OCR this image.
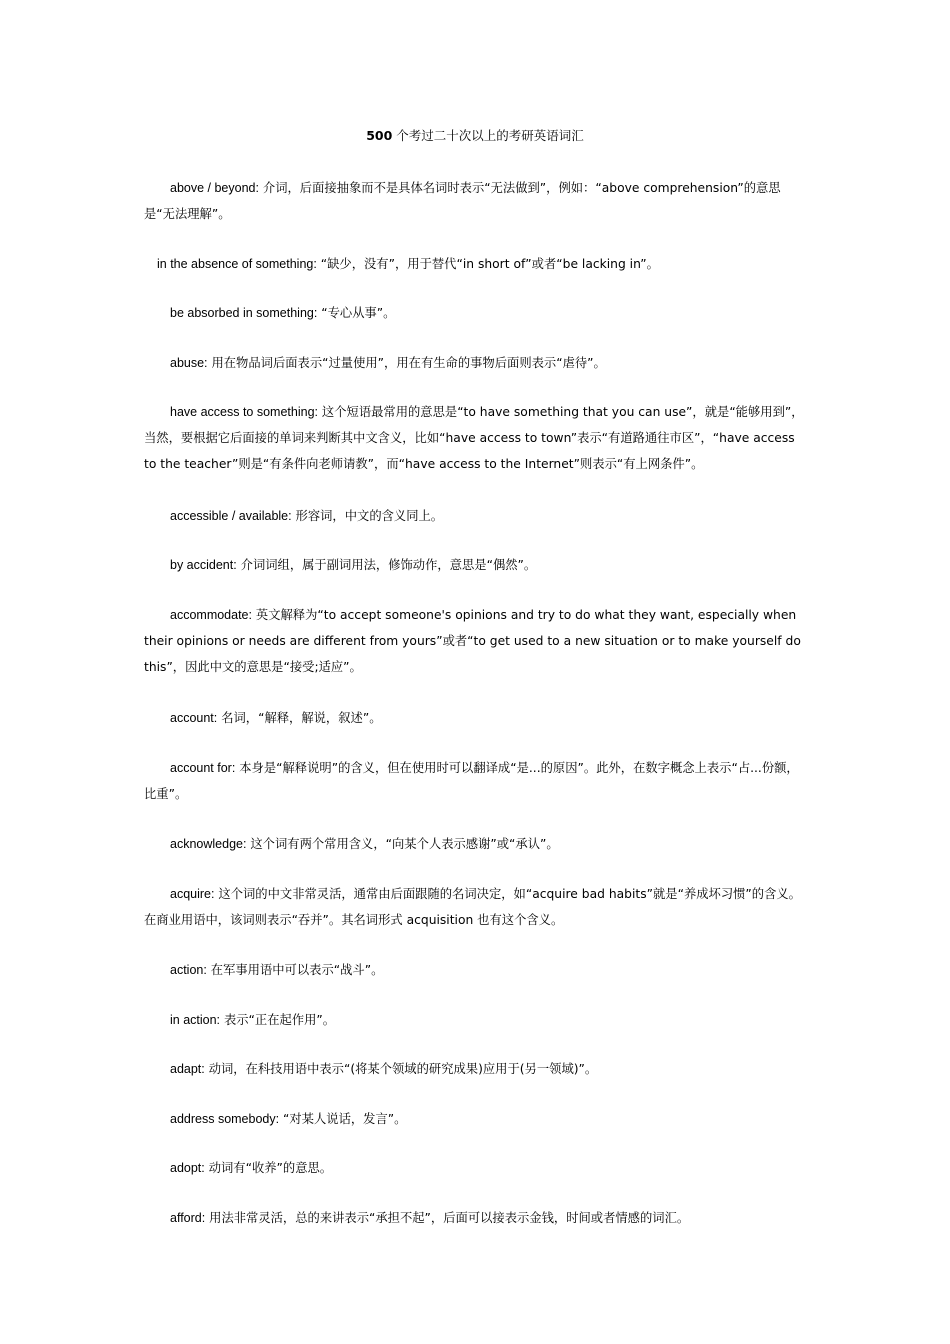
500 个考过二十次以上的考研英语词汇

above / beyond: 介词，后面接抽象而不是具体名词时表示“无法做到”，例如：“above comprehension”的意思是“无法理解”。

in the absence of something: “缺少，没有”，用于替代“in short of”或者“be lacking in”。

be absorbed in something: “专心从事”。

abuse: 用在物品词后面表示“过量使用”，用在有生命的事物后面则表示“虐待”。

have access to something: 这个短语最常用的意思是“to have something that you can use”，就是“能够用到”，当然，要根据它后面接的单词来判断其中文含义，比如“have access to town”表示“有道路通往市区”，“have access to the teacher”则是“有条件向老师请教”，而“have access to the Internet”则表示“有上网条件”。

accessible / available: 形容词，中文的含义同上。

by accident: 介词词组，属于副词用法，修饰动作，意思是“偶然”。

accommodate: 英文解释为“to accept someone's opinions and try to do what they want, especially when their opinions or needs are different from yours”或者“to get used to a new situation or to make yourself do this”，因此中文的意思是“接受;适应”。

account: 名词，“解释，解说，叙述”。

account for: 本身是“解释说明”的含义，但在使用时可以翻译成“是...的原因”。此外，在数字概念上表示“占...份额，比重”。

acknowledge: 这个词有两个常用含义，“向某个人表示感谢”或“承认”。

acquire: 这个词的中文非常灵活，通常由后面跟随的名词决定，如“acquire bad habits”就是“养成坏习惯”的含义。在商业用语中，该词则表示“吞并”。其名词形式 acquisition 也有这个含义。

action: 在军事用语中可以表示“战斗”。

in action: 表示“正在起作用”。

adapt: 动词，在科技用语中表示“(将某个领域的研究成果)应用于(另一领域)”。

address somebody: “对某人说话，发言”。

adopt: 动词有“收养”的意思。

afford: 用法非常灵活，总的来讲表示“承担不起”，后面可以接表示金钱，时间或者情感的词汇。
